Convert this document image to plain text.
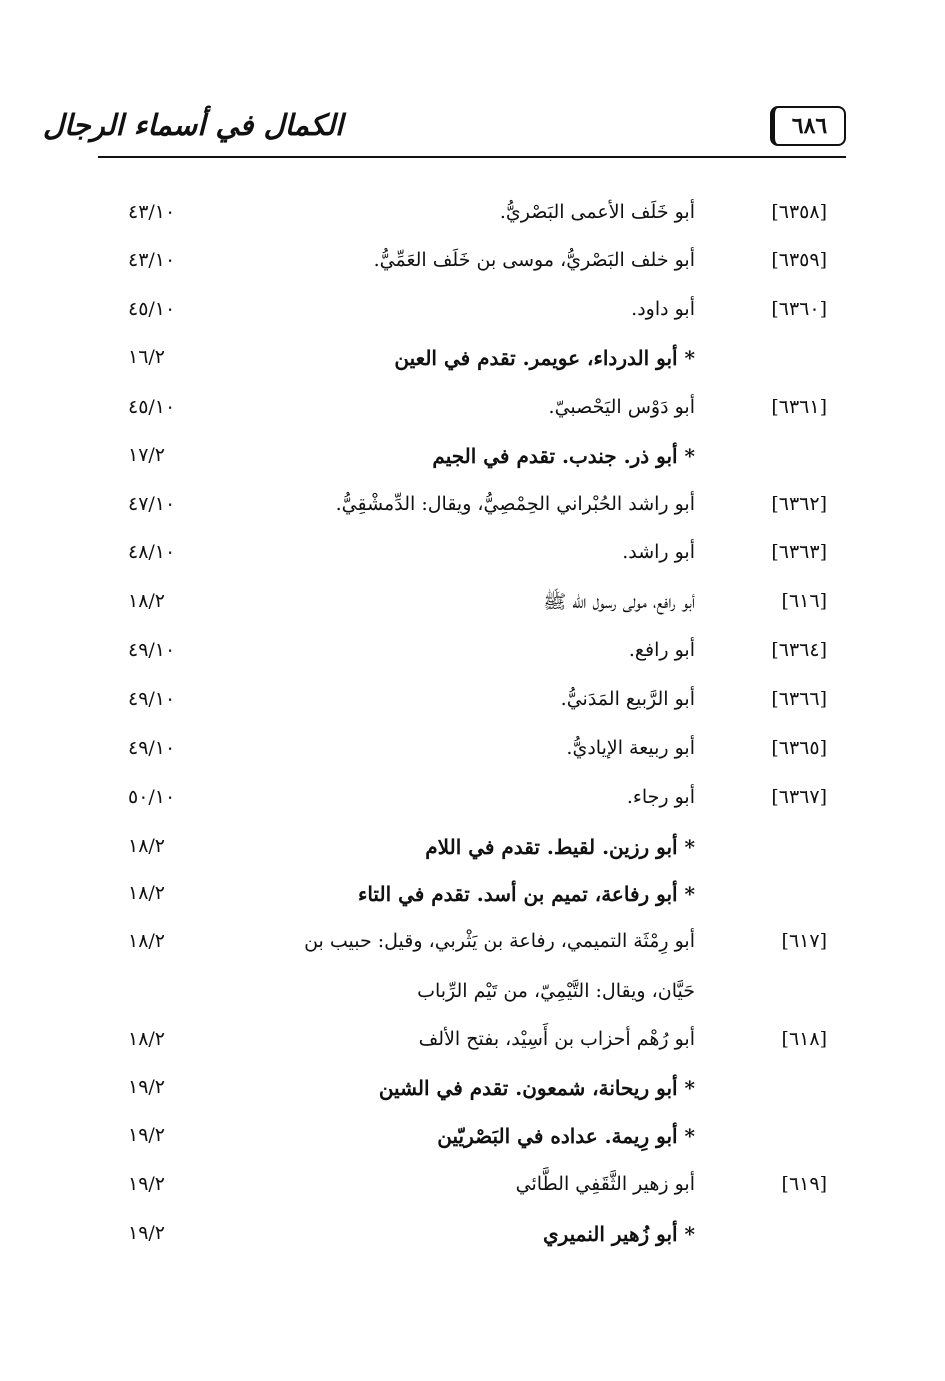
٦٨٦
الكمال في أسماء الرجال
[٦٣٥٨]
أبو خَلَف الأعمى البَصْريُّ.
٤٣/١٠
[٦٣٥٩]
أبو خلف البَصْريُّ، موسى بن خَلَف العَمِّيُّ.
٤٣/١٠
[٦٣٦٠]
أبو داود.
٤٥/١٠
* أبو الدرداء، عويمر. تقدم في العين
١٦/٢
[٦٣٦١]
أبو دَوْس اليَحْصبيّ.
٤٥/١٠
* أبو ذر. جندب. تقدم في الجيم
١٧/٢
[٦٣٦٢]
أبو راشد الحُبْراني الحِمْصِيُّ، ويقال: الدِّمشْقِيُّ.
٤٧/١٠
[٦٣٦٣]
أبو راشد.
٤٨/١٠
[٦١٦]
أبو رافع، مولى رسول الله ﷺ
١٨/٢
[٦٣٦٤]
أبو رافع.
٤٩/١٠
[٦٣٦٦]
أبو الرَّبيع المَدَنيُّ.
٤٩/١٠
[٦٣٦٥]
أبو ربيعة الإياديُّ.
٤٩/١٠
[٦٣٦٧]
أبو رجاء.
٥٠/١٠
* أبو رزين. لقيط. تقدم في اللام
١٨/٢
* أبو رفاعة، تميم بن أسد. تقدم في التاء
١٨/٢
[٦١٧]
أبو رِمْثَة التميمي، رفاعة بن يَثْربي، وقيل: حبيب بن
حَيَّان، ويقال: التَّيْمِيّ، من تَيْم الرِّباب
١٨/٢
[٦١٨]
أبو رُهْم أحزاب بن أَسِيْد، بفتح الألف
١٨/٢
* أبو ريحانة، شمعون. تقدم في الشين
١٩/٢
* أبو رِيمة. عداده في البَصْريّين
١٩/٢
[٦١٩]
أبو زهير الثَّقَفِي الطَّائي
١٩/٢
* أبو زُهير النميري
١٩/٢
